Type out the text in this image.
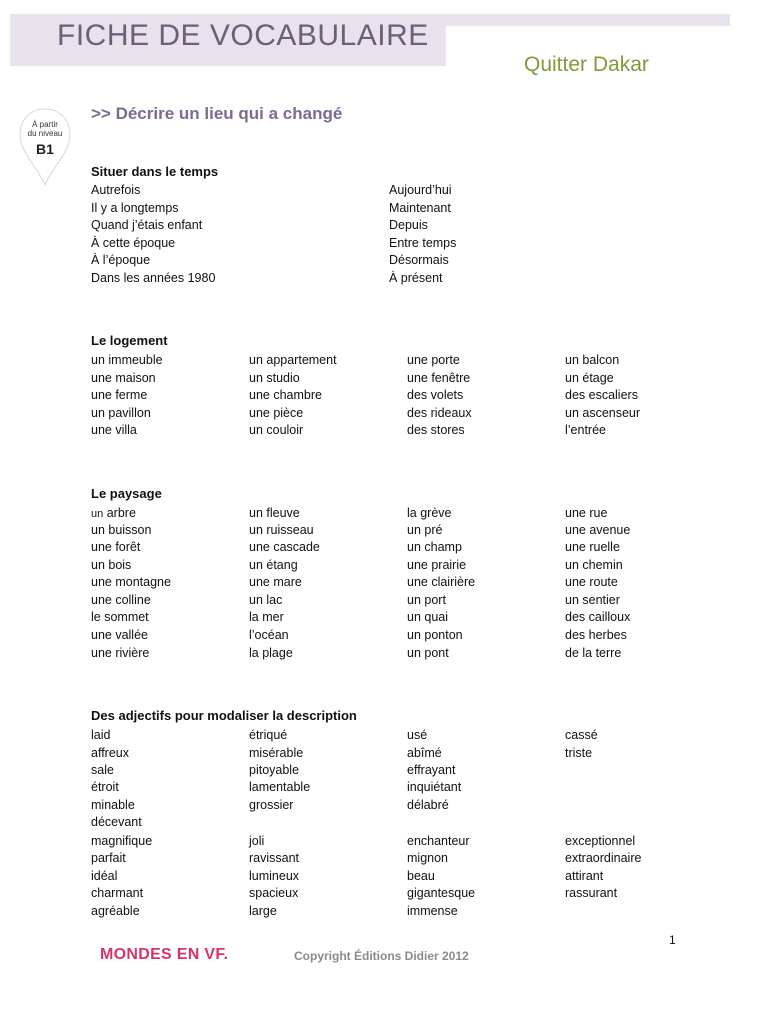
FICHE DE VOCABULAIRE
Quitter Dakar
À partir
du niveau
B1
>> Décrire un lieu qui a changé
Situer dans le temps
Autrefois
Il y a longtemps
Quand j’étais enfant
À cette époque
À l’époque
Dans les années 1980
Aujourd’hui
Maintenant
Depuis
Entre temps
Désormais
À présent
Le logement
un immeuble
une maison
une ferme
un pavillon
une villa
un appartement
un studio
une chambre
une pièce
un couloir
une porte
une fenêtre
des volets
des rideaux
des stores
un balcon
un étage
des escaliers
un ascenseur
l’entrée
Le paysage
un arbre
un buisson
une forêt
un bois
une montagne
une colline
le sommet
une vallée
une rivière
un fleuve
un ruisseau
une cascade
un étang
une mare
un lac
la mer
l’océan
la plage
la grève
un pré
un champ
une prairie
une clairière
un port
un quai
un ponton
un pont
une rue
une avenue
une ruelle
un chemin
une route
un sentier
des cailloux
des herbes
de la terre
Des adjectifs pour modaliser la description
laid
affreux
sale
étroit
minable
décevant
étriqué
misérable
pitoyable
lamentable
grossier
usé
abîmé
effrayant
inquiétant
délabré
cassé
triste
magnifique
parfait
idéal
charmant
agréable
joli
ravissant
lumineux
spacieux
large
enchanteur
mignon
beau
gigantesque
immense
exceptionnel
extraordinaire
attirant
rassurant
1
MONDES EN VF.	Copyright Éditions Didier 2012
